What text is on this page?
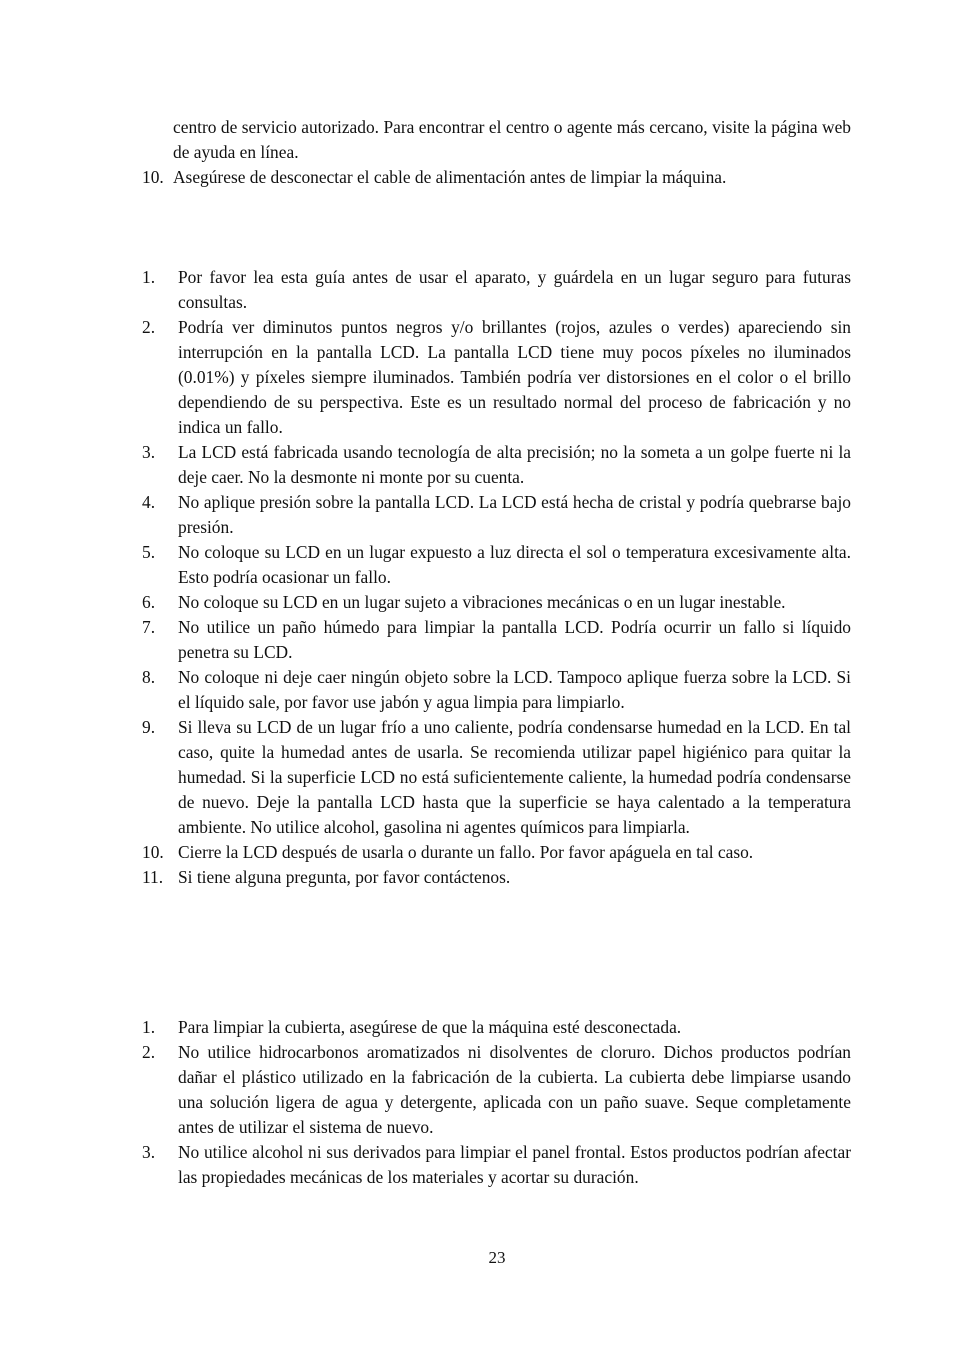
centro de servicio autorizado. Para encontrar el centro o agente más cercano, visite la página web de ayuda en línea.
10. Asegúrese de desconectar el cable de alimentación antes de limpiar la máquina.
1.	Por favor lea esta guía antes de usar el aparato, y guárdela en un lugar seguro para futuras consultas.
2.	Podría ver diminutos puntos negros y/o brillantes (rojos, azules o verdes) apareciendo sin interrupción en la pantalla LCD. La pantalla LCD tiene muy pocos píxeles no iluminados (0.01%) y píxeles siempre iluminados. También podría ver distorsiones en el color o el brillo dependiendo de su perspectiva. Este es un resultado normal del proceso de fabricación y no indica un fallo.
3.	La LCD está fabricada usando tecnología de alta precisión; no la someta a un golpe fuerte ni la deje caer. No la desmonte ni monte por su cuenta.
4.	No aplique presión sobre la pantalla LCD. La LCD está hecha de cristal y podría quebrarse bajo presión.
5.	No coloque su LCD en un lugar expuesto a luz directa el sol o temperatura excesivamente alta. Esto podría ocasionar un fallo.
6.	No coloque su LCD en un lugar sujeto a vibraciones mecánicas o en un lugar inestable.
7.	No utilice un paño húmedo para limpiar la pantalla LCD. Podría ocurrir un fallo si líquido penetra su LCD.
8.	No coloque ni deje caer ningún objeto sobre la LCD. Tampoco aplique fuerza sobre la LCD. Si el líquido sale, por favor use jabón y agua limpia para limpiarlo.
9.	Si lleva su LCD de un lugar frío a uno caliente, podría condensarse humedad en la LCD. En tal caso, quite la humedad antes de usarla. Se recomienda utilizar papel higiénico para quitar la humedad. Si la superficie LCD no está suficientemente caliente, la humedad podría condensarse de nuevo. Deje la pantalla LCD hasta que la superficie se haya calentado a la temperatura ambiente. No utilice alcohol, gasolina ni agentes químicos para limpiarla.
10. Cierre la LCD después de usarla o durante un fallo. Por favor apáguela en tal caso.
11. Si tiene alguna pregunta, por favor contáctenos.
1.	Para limpiar la cubierta, asegúrese de que la máquina esté desconectada.
2.	No utilice hidrocarbonos aromatizados ni disolventes de cloruro. Dichos productos podrían dañar el plástico utilizado en la fabricación de la cubierta. La cubierta debe limpiarse usando una solución ligera de agua y detergente, aplicada con un paño suave. Seque completamente antes de utilizar el sistema de nuevo.
3.	No utilice alcohol ni sus derivados para limpiar el panel frontal. Estos productos podrían afectar las propiedades mecánicas de los materiales y acortar su duración.
23
